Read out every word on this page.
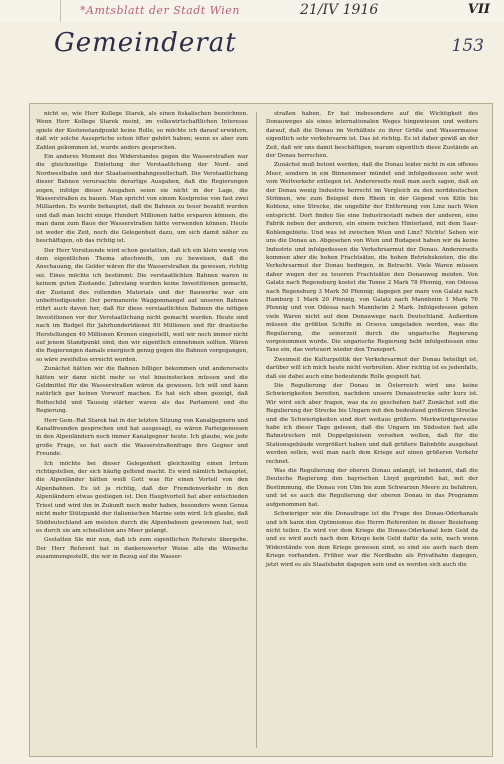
*Amtsblatt der Stadt Wien	21/IV 1916	VII
Gemeinderat	153

nicht so, wie Herr Kollege Starek, als einen fiskalischen bezeichnen. Wenn Herr Kollege Starek meint, im volkswirtschaftlichen Interesse spiele der Kostenstandpunkt keine Rolle, so möchte ich darauf erwidern, daß wir solche Aussprüche schon öfter gehört haben; wenn es aber zum Zahlen gekommen ist, wurde anders gesprochen.

Ein anderes Moment des Widerstandes gegen die Wasserstraßen war die gleichzeitige Einleitung der Verstaatlichung der Nord- und Nordwestbahn und der Staatseisenbahngesellschaft. Die Verstaatlichung dieser Bahnen verursachte derartige Ausgaben, daß die Regierungen zogen, infolge dieser Ausgaben seien sie nicht in der Lage, die Wasserstraßen zu bauen. Man spricht von einem Kostpreise von fast zwei Milliarden. Es wurde behauptet, daß die Bahnen zu teuer bezahlt wurden und daß man leicht einige Hundert Millionen hätte ersparen können, die man dann zum Baue der Wasserstraßen hätte verwenden können. Heute ist weder die Zeit, noch die Gelegenheit dazu, um sich damit näher zu beschäftigen, ob das richtig ist.

Der Herr Vorsitzende wird schon gestatten, daß ich ein klein wenig von dem eigentlichen Thema abschweife, um zu beweisen, daß die Anschauung, die Gelder wären für die Wasserstraßen da gewesen, richtig sei. Eines möchte ich bestimmt: Die verstaatlichten Bahnen waren in keinem guten Zustande. Jahrelang wurden keine Investitionen gemacht, der Zustand des rollenden Materials und der Bauwerke war ein unbefriedigender. Der permanente Waggonmangel auf unseren Bahnen rührt auch davon her, daß für diese verstaatlichten Bahnen die nötigen Investitionen vor der Verstaatlichung nicht gemacht wurden. Heute sind nach im Budget für Jahrhundertdienst 80 Millionen und für drastische Herstellungen 40 Millionen Kronen eingestellt, weil wir noch immer nicht auf jenem Standpunkt sind, den wir eigentlich einnehmen sollten. Wären die Regierungen damals energisch genug gegen die Bahnen vorgegangen, so wäre zweifellos erreicht worden.

Zunächst hätten wir die Bahnen billiger bekommen und andererseits hätten wir dann nicht mehr so viel hineinstecken müssen und die Geldmittel für die Wasserstraßen wären da gewesen. Ich will und kann natürlich gar keinen Vorwurf machen. Es hat sich eben gezeigt, daß Rothschild und Taussig stärker waren als das Parlament und die Regierung.

Herr Gem.-Rat Starek hat in der letzten Sitzung von Kanalgegnern und Kanalfreunden gesprochen und hat ausgesagt, es wären Parteigenossen in den Alpenländern noch immer Kanalgegner heute. Ich glaube, wie jede große Frage, so hat auch die Wasserstraßenfrage ihre Gegner und Freunde.

Ich möchte bei dieser Gelegenheit gleichzeitig einen Irrtum richtigstellen, der sich häufig geltend macht. Es wird nämlich behauptet, die Alpenländer hätten weiß Gott was für einen Vorteil von den Alpenbahnen. Es ist ja richtig, daß der Fremdenverkehr in den Alpenländern etwas gestiegen ist. Den Hauptvorteil hat aber entschieden Triest und wird ihn in Zukunft noch mehr haben, besonders wenn Genua nicht mehr Stützpunkt der italienischen Marine sein wird. Ich glaube, daß Süddeutschland am meisten durch die Alpenbahnen gewonnen hat, weil es durch sie am schnellsten ans Meer gelangt.

Gestatten Sie mir nun, daß ich zum eigentlichen Referate übergehe. Der Herr Referent hat in dankenswerter Weise alle die Wünsche zusammengestellt, die wir in Bezug auf die Wasser-

straßen haben. Er hat insbesondere auf die Wichtigkeit des Donauweges als eines internationalen Weges hingewiesen und weiters darauf, daß die Donau im Verhältnis zu ihrer Größe und Wassermasse eigentlich sehr verkehrsarm ist. Das ist richtig. Es ist daher gewiß an der Zeit, daß wir uns damit beschäftigen, warum eigentlich diese Zustände an der Donau herrschen.

Zunächst muß betont werden, daß die Donau leider nicht in ein offenes Meer, sondern in ein Binnenmeer mündet und infolgedessen sehr weit vom Weltverkehr entlegen ist. Andererseits muß man auch sagen, daß an der Donau wenig Industrie herrscht im Vergleich zu den norddeutschen Strömen, wie zum Beispiel dem Rhein in der Gegend von Köln bis Koblenz, eine Strecke, die ungefähr der Entfernung von Linz nach Wien entspricht. Dort finden Sie eine Industriestadt neben der anderen, eine Fabrik neben der anderen, ein einem reichen Hinterland, mit dem Saar-Kohlengebiete. Und was ist zwischen Wien und Linz? Nichts! Sehen wir uns die Donau an. Abgesehen von Wien und Budapest haben wir da keine Industrie und infolgedessen die Verkehrsarmut der Donau. Andererseits kommen aber die hohen Frachtsätze, die hohen Betriebskosten, die die Verkehrsarmut der Donau bedingen, in Betracht. Viele Waren müssen daher wegen der zu teueren Frachtsätze den Donauweg meiden. Von Galatz nach Regensburg kostet die Tonne 2 Mark 78 Pfennig, von Odessa nach Regensburg 3 Mark 50 Pfennig; dagegen per mare von Galatz nach Hamburg 1 Mark 20 Pfennig, von Galatz nach Mannheim 1 Mark 76 Pfennig und von Odessa nach Mannheim 2 Mark. Infolgedessen gehen viele Waren nicht auf dem Donauwege nach Deutschland. Außerdem müssen die größten Schiffe in Orsova umgeladen werden, was die Regulierung, die seinerzeit durch die ungarische Regierung vorgenommen wurde. Die ungarische Regierung hebt infolgedessen eine Taxe ein, das verteuert wieder den Transport.

Zweimeit die Kulturpolitik der Verkehrsarmut der Donau beteiligt ist, darüber will ich mich heute nicht verbreiten. Aber richtig ist es jedenfalls, daß sie dabei auch eine bedeutende Rolle gespielt hat.

Die Regulierung der Donau in Österreich wird uns keine Schwierigkeiten bereiten, nachdem unsere Donaustrecke sehr kurz ist. Wir wird sich aber fragen, was da zu geschehen hat? Zunächst soll die Regulierung der Strecke bis Ungarn mit den bedeutend größeren Strecke und die Schwierigkeiten sind dort weitaus größere. Merkwürdigerweise habe ich dieser Tage gelesen, daß die Ungarn im Südosten fast alle Bahnstrecken mit Doppelgeleisen versehen wollen, daß für die Stationsgebäude vergrößert haben und daß größere Bahnhöfe ausgebaut werden sollen, weil man nach dem Kriege auf einen größeren Verkehr rechnet.

Was die Regulierung der oberen Donau anlangt, ist bekannt, daß die Deutsche Regierung den bayrischen Lloyd gegründet hat, mit der Bestimmung, die Donau von Ulm bis zum Schwarzen Meere zu befahren, und ist es auch die Regulierung der oberen Donau in das Programm aufgenommen hat.

Schwieriger wie die Donaufrage ist die Frage des Donau-Oderkanals und ich kann den Optimismus des Herrn Referenten in dieser Beziehung nicht teilen. Es wird vor dem Kriege die Donau-Oderkanal kein Geld da und es wird auch nach dem Kriege kein Geld dafür da sein, nach wenn Widerstände von dem Kriege gewesen sind, so sind sie auch nach dem Kriege vorhanden. Früher war die Nordbahn als Privatbahn dagegen, jetzt wird es als Staatsbahn dagegen sein und es werden sich auch die
